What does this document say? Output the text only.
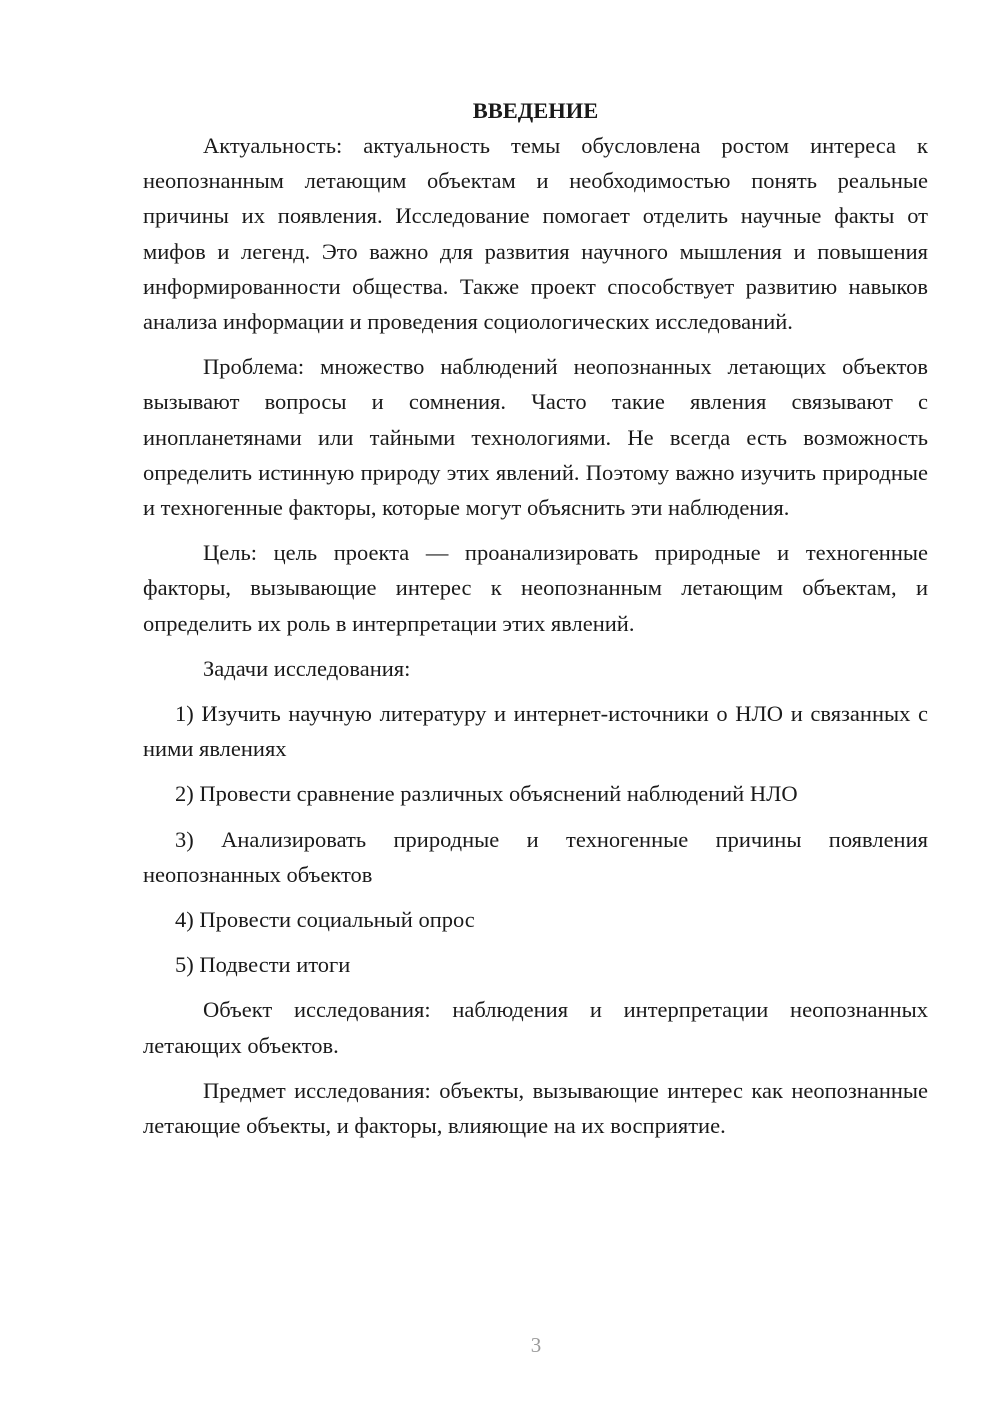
ВВЕДЕНИЕ

Актуальность: актуальность темы обусловлена ростом интереса к неопознанным летающим объектам и необходимостью понять реальные причины их появления. Исследование помогает отделить научные факты от мифов и легенд. Это важно для развития научного мышления и повышения информированности общества. Также проект способствует развитию навыков анализа информации и проведения социологических исследований.

Проблема: множество наблюдений неопознанных летающих объектов вызывают вопросы и сомнения. Часто такие явления связывают с инопланетянами или тайными технологиями. Не всегда есть возможность определить истинную природу этих явлений. Поэтому важно изучить природные и техногенные факторы, которые могут объяснить эти наблюдения.

Цель: цель проекта — проанализировать природные и техногенные факторы, вызывающие интерес к неопознанным летающим объектам, и определить их роль в интерпретации этих явлений.

Задачи исследования:

1) Изучить научную литературу и интернет-источники о НЛО и связанных с ними явлениях

2) Провести сравнение различных объяснений наблюдений НЛО

3) Анализировать природные и техногенные причины появления неопознанных объектов

4) Провести социальный опрос

5) Подвести итоги

Объект исследования: наблюдения и интерпретации неопознанных летающих объектов.

Предмет исследования: объекты, вызывающие интерес как неопознанные летающие объекты, и факторы, влияющие на их восприятие.

3
